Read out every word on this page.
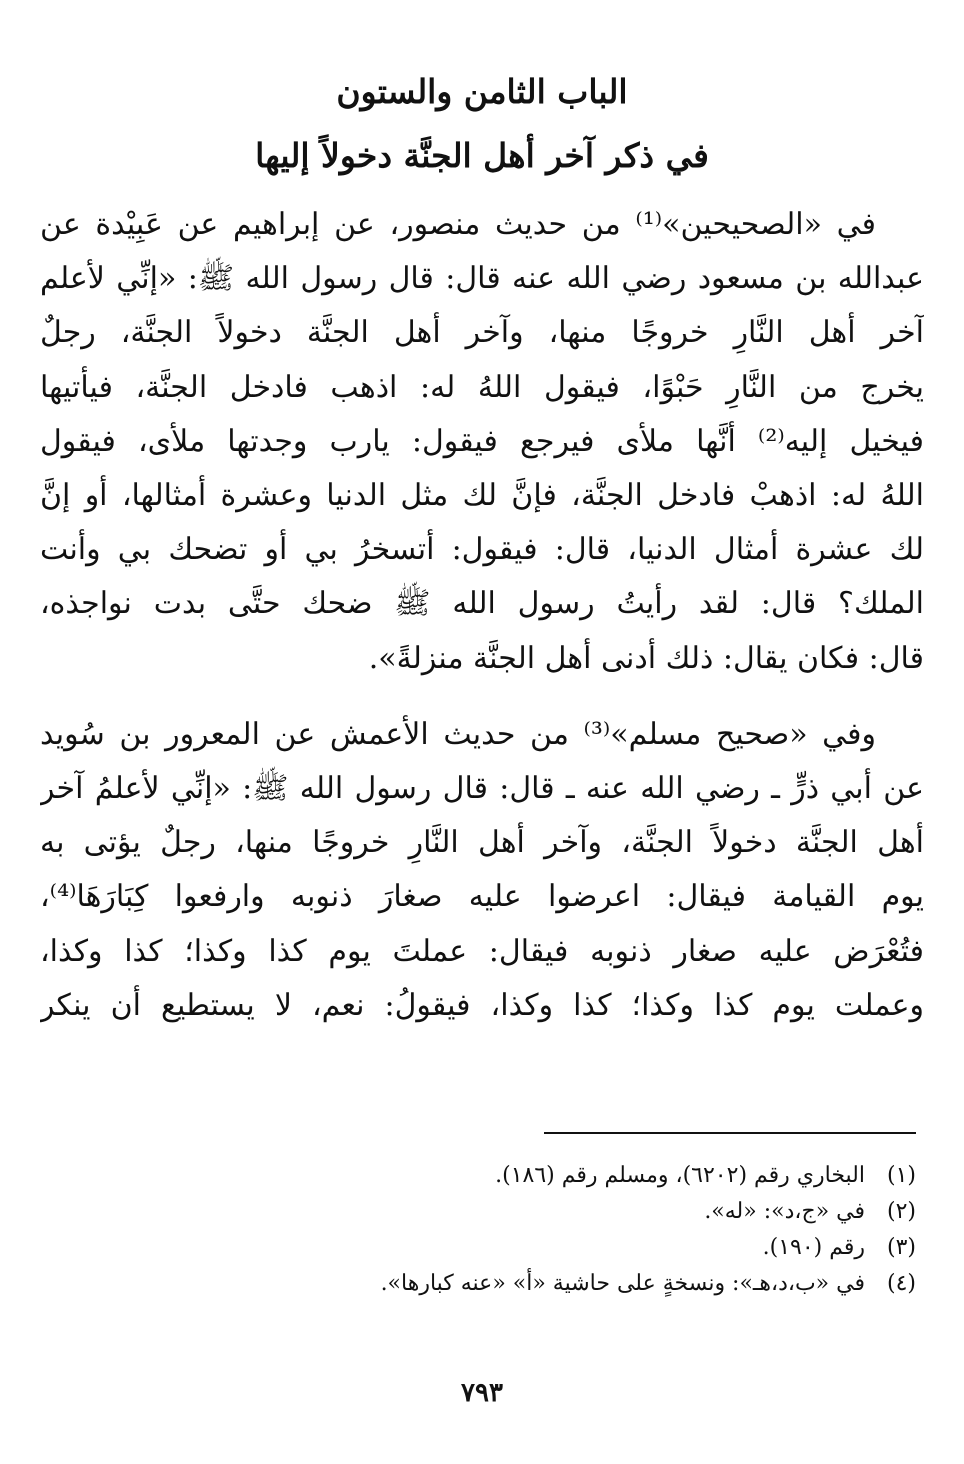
الباب الثامن والستون
في ذكر آخر أهل الجنَّة دخولاً إليها
في «الصحيحين»⁽¹⁾ من حديث منصور، عن إبراهيم عن عَبِيْدة عن
عبدالله بن مسعود رضي الله عنه قال: قال رسول الله ﷺ: «إنِّي لأعلم
آخر أهل النَّارِ خروجًا منها، وآخر أهل الجنَّة دخولاً الجنَّة، رجلٌ
يخرج من النَّارِ حَبْوًا، فيقول اللهُ له: اذهب فادخل الجنَّة، فيأتيها
فيخيل إليه⁽²⁾ أنَّها ملأى فيرجع فيقول: يارب وجدتها ملأى، فيقول
اللهُ له: اذهبْ فادخل الجنَّة، فإنَّ لك مثل الدنيا وعشرة أمثالها، أو إنَّ
لك عشرة أمثال الدنيا، قال: فيقول: أتسخرُ بي أو تضحك بي وأنت
الملك؟ قال: لقد رأيتُ رسول الله ﷺ ضحك حتَّى بدت نواجذه،
قال: فكان يقال: ذلك أدنى أهل الجنَّة منزلةً».
وفي «صحيح مسلم»⁽³⁾ من حديث الأعمش عن المعرور بن سُويد
عن أبي ذرٍّ ـ رضي الله عنه ـ قال: قال رسول الله ﷺ: «إنِّي لأعلمُ آخر
أهل الجنَّة دخولاً الجنَّة، وآخر أهل النَّارِ خروجًا منها، رجلٌ يؤتى به
يوم القيامة فيقال: اعرضوا عليه صغارَ ذنوبه وارفعوا كِبَارَهَا⁽⁴⁾،
فتُعْرَض عليه صغار ذنوبه فيقال: عملتَ يوم كذا وكذا؛ كذا وكذا،
وعملت يوم كذا وكذا؛ كذا وكذا، فيقولُ: نعم، لا يستطيع أن ينكر
(١) البخاري رقم (٦٢٠٢)، ومسلم رقم (١٨٦).
(٢) في «ج،د»: «له».
(٣) رقم (١٩٠).
(٤) في «ب،د،هـ»: ونسخةٍ على حاشية «أ» «عنه كبارها».
٧٩٣
